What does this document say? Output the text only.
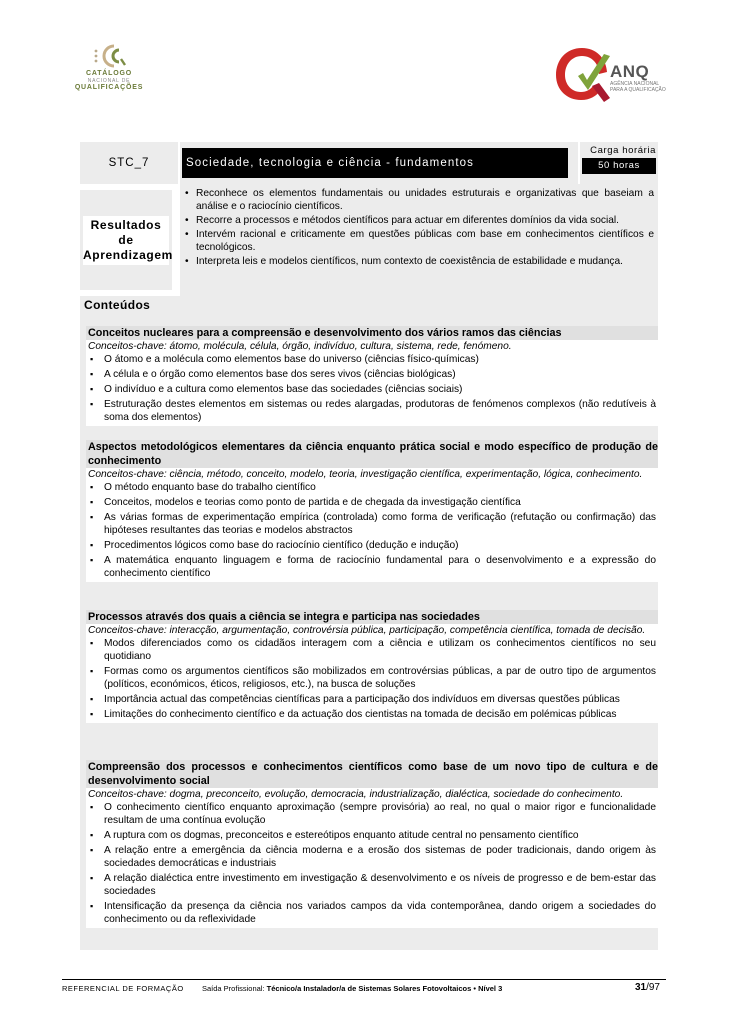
CATÁLOGO
NACIONAL DE
QUALIFICAÇÕES
ANQ
AGÊNCIA NACIONAL
PARA A QUALIFICAÇÃO
STC_7	Sociedade, tecnologia e ciência - fundamentos
Carga horária
50 horas
Resultados
de
Aprendizagem
• Reconhece os elementos fundamentais ou unidades estruturais e organizativas que baseiam a análise e o raciocínio científicos.
• Recorre a processos e métodos científicos para actuar em diferentes domínios da vida social.
• Intervém racional e criticamente em questões públicas com base em conhecimentos científicos e tecnológicos.
• Interpreta leis e modelos científicos, num contexto de coexistência de estabilidade e mudança.
Conteúdos
Conceitos nucleares para a compreensão e desenvolvimento dos vários ramos das ciências
Conceitos-chave: átomo, molécula, célula, órgão, indivíduo, cultura, sistema, rede, fenómeno.
▪ O átomo e a molécula como elementos base do universo (ciências físico-químicas)
▪ A célula e o órgão como elementos base dos seres vivos (ciências biológicas)
▪ O indivíduo e a cultura como elementos base das sociedades (ciências sociais)
▪ Estruturação destes elementos em sistemas ou redes alargadas, produtoras de fenómenos complexos (não redutíveis à soma dos elementos)
Aspectos metodológicos elementares da ciência enquanto prática social e modo específico de produção de conhecimento
Conceitos-chave: ciência, método, conceito, modelo, teoria, investigação científica, experimentação, lógica, conhecimento.
▪ O método enquanto base do trabalho científico
▪ Conceitos, modelos e teorias como ponto de partida e de chegada da investigação científica
▪ As várias formas de experimentação empírica (controlada) como forma de verificação (refutação ou confirmação) das hipóteses resultantes das teorias e modelos abstractos
▪ Procedimentos lógicos como base do raciocínio científico (dedução e indução)
▪ A matemática enquanto linguagem e forma de raciocínio fundamental para o desenvolvimento e a expressão do conhecimento científico
Processos através dos quais a ciência se integra e participa nas sociedades
Conceitos-chave: interacção, argumentação, controvérsia pública, participação, competência científica, tomada de decisão.
▪ Modos diferenciados como os cidadãos interagem com a ciência e utilizam os conhecimentos científicos no seu quotidiano
▪ Formas como os argumentos científicos são mobilizados em controvérsias públicas, a par de outro tipo de argumentos (políticos, económicos, éticos, religiosos, etc.), na busca de soluções
▪ Importância actual das competências científicas para a participação dos indivíduos em diversas questões públicas
▪ Limitações do conhecimento científico e da actuação dos cientistas na tomada de decisão em polémicas públicas
Compreensão dos processos e conhecimentos científicos como base de um novo tipo de cultura e de desenvolvimento social
Conceitos-chave: dogma, preconceito, evolução, democracia, industrialização, dialéctica, sociedade do conhecimento.
▪ O conhecimento científico enquanto aproximação (sempre provisória) ao real, no qual o maior rigor e funcionalidade resultam de uma contínua evolução
▪ A ruptura com os dogmas, preconceitos e estereótipos enquanto atitude central no pensamento científico
▪ A relação entre a emergência da ciência moderna e a erosão dos sistemas de poder tradicionais, dando origem às sociedades democráticas e industriais
▪ A relação dialéctica entre investimento em investigação & desenvolvimento e os níveis de progresso e de bem-estar das sociedades
▪ Intensificação da presença da ciência nos variados campos da vida contemporânea, dando origem a sociedades do conhecimento ou da reflexividade
REFERENCIAL DE FORMAÇÃO Saída Profissional: Técnico/a Instalador/a de Sistemas Solares Fotovoltaicos • Nível 3	31/97
